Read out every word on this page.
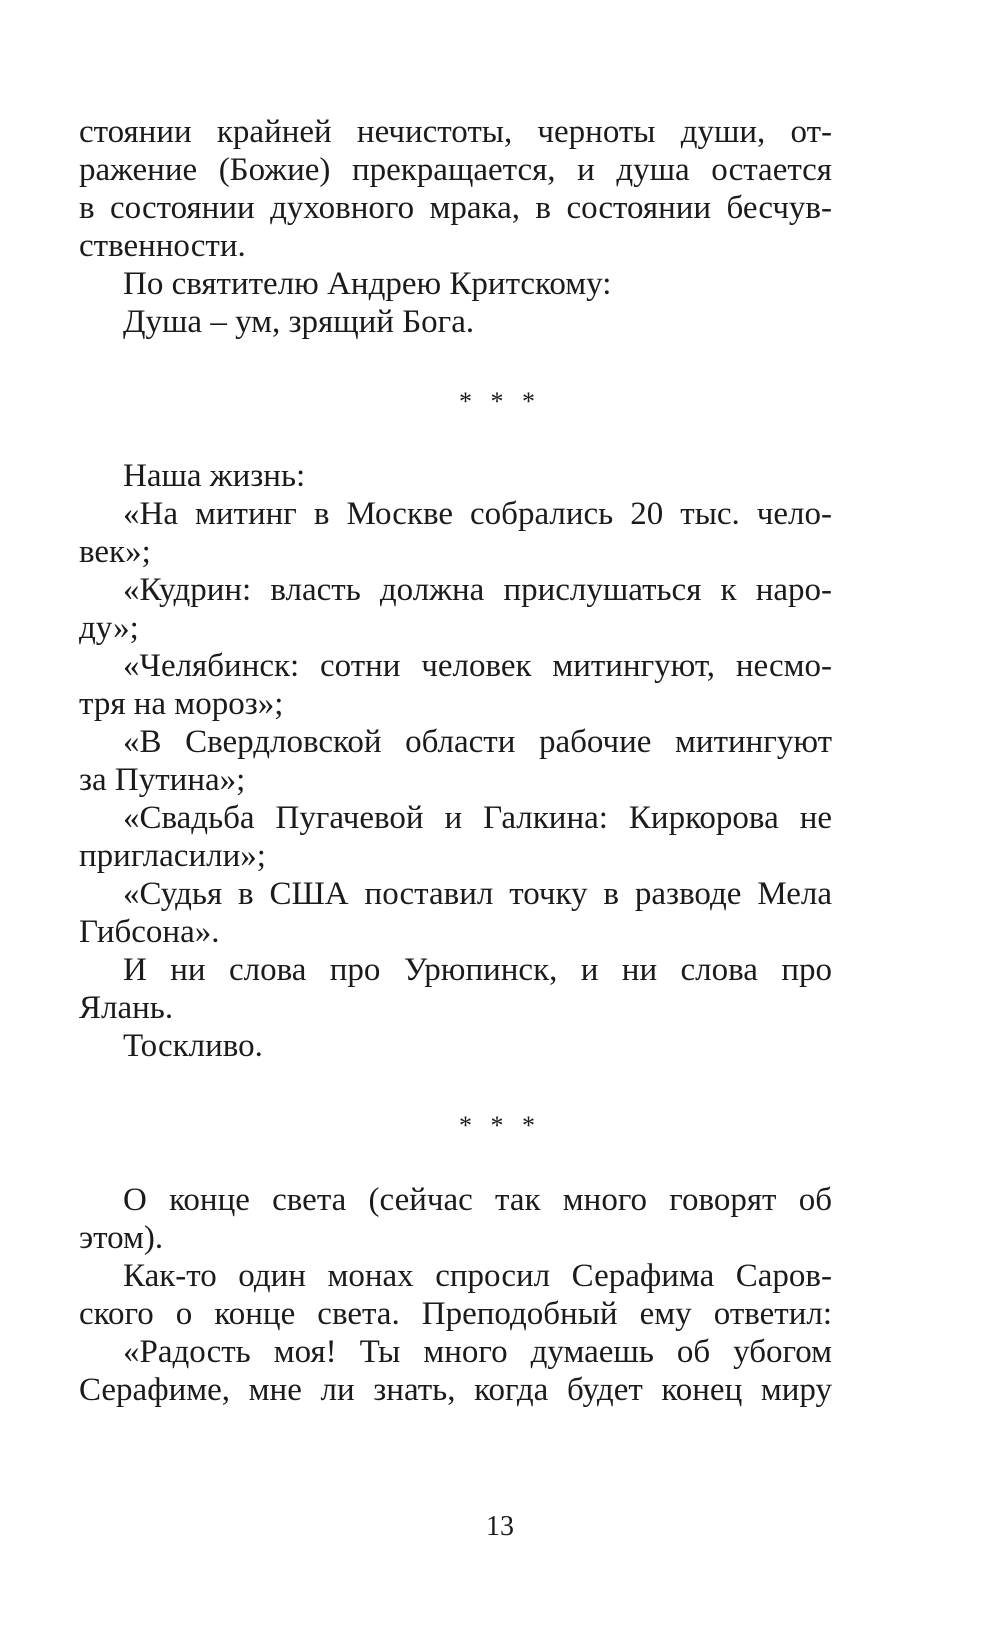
стоянии крайней нечистоты, черноты души, от-
ражение (Божие) прекращается, и душа остается
в состоянии духовного мрака, в состоянии бесчув-
ственности.
По святителю Андрею Критскому:
Душа – ум, зрящий Бога.
* * *
Наша жизнь:
«На митинг в Москве собрались 20 тыс. чело-
век»;
«Кудрин: власть должна прислушаться к наро-
ду»;
«Челябинск: сотни человек митингуют, несмо-
тря на мороз»;
«В Свердловской области рабочие митингуют
за Путина»;
«Свадьба Пугачевой и Галкина: Киркорова не
пригласили»;
«Судья в США поставил точку в разводе Мела
Гибсона».
И ни слова про Урюпинск, и ни слова про
Ялань.
Тоскливо.
* * *
О конце света (сейчас так много говорят об
этом).
Как-то один монах спросил Серафима Саров-
ского о конце света. Преподобный ему ответил:
«Радость моя! Ты много думаешь об убогом
Серафиме, мне ли знать, когда будет конец миру
13
